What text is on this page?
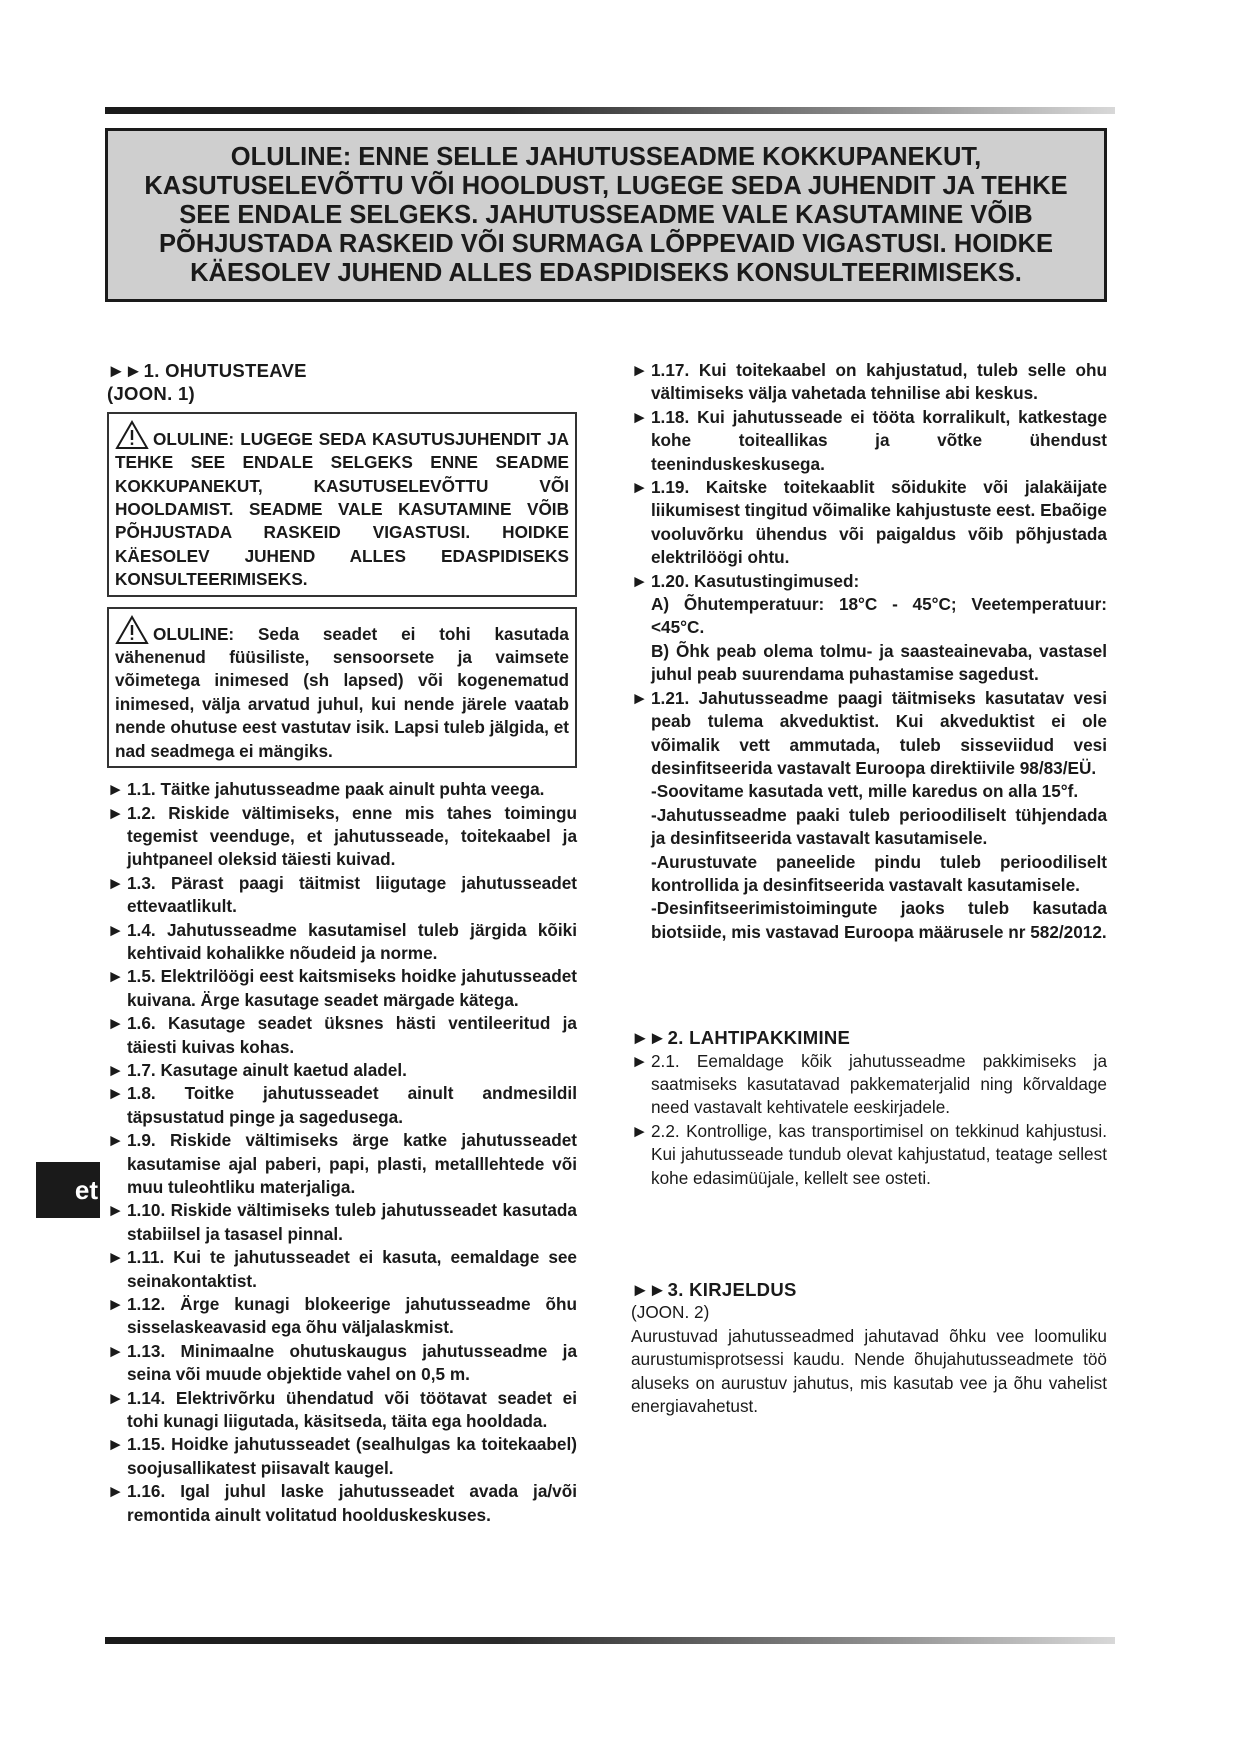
OLULINE: ENNE SELLE JAHUTUSSEADME KOKKUPANEKUT, KASUTUSELEVÕTTU VÕI HOOLDUST, LUGEGE SEDA JUHENDIT JA TEHKE SEE ENDALE SELGEKS. JAHUTUSSEADME VALE KASUTAMINE VÕIB PÕHJUSTADA RASKEID VÕI SURMAGA LÕPPEVAID VIGASTUSI. HOIDKE KÄESOLEV JUHEND ALLES EDASPIDISEKS KONSULTEERIMISEKS.
►► 1. OHUTUSTEAVE
(JOON. 1)
OLULINE: LUGEGE SEDA KASUTUSJUHENDIT JA TEHKE SEE ENDALE SELGEKS ENNE SEADME KOKKUPANEKUT, KASUTUSELEVÕTTU VÕI HOOLDAMIST. SEADME VALE KASUTAMINE VÕIB PÕHJUSTADA RASKEID VIGASTUSI. HOIDKE KÄESOLEV JUHEND ALLES EDASPIDISEKS KONSULTEERIMISEKS.
OLULINE: Seda seadet ei tohi kasutada vähenenud füüsiliste, sensoorsete ja vaimsete võimetega inimesed (sh lapsed) või kogenematud inimesed, välja arvatud juhul, kui nende järele vaatab nende ohutuse eest vastutav isik. Lapsi tuleb jälgida, et nad seadmega ei mängiks.

► 1.1. Täitke jahutusseadme paak ainult puhta veega.

► 1.2. Riskide vältimiseks, enne mis tahes toimingu tegemist veenduge, et jahutusseade, toitekaabel ja juhtpaneel oleksid täiesti kuivad.

► 1.3. Pärast paagi täitmist liigutage jahutusseadet ettevaatlikult.

► 1.4. Jahutusseadme kasutamisel tuleb järgida kõiki kehtivaid kohalikke nõudeid ja norme.

► 1.5. Elektrilöögi eest kaitsmiseks hoidke jahutusseadet kuivana. Ärge kasutage seadet märgade kätega.

► 1.6. Kasutage seadet üksnes hästi ventileeritud ja täiesti kuivas kohas.

► 1.7. Kasutage ainult kaetud aladel.

► 1.8. Toitke jahutusseadet ainult andmesildil täpsustatud pinge ja sagedusega.

► 1.9. Riskide vältimiseks ärge katke jahutusseadet kasutamise ajal paberi, papi, plasti, metalllehtede või muu tuleohtliku materjaliga.

► 1.10. Riskide vältimiseks tuleb jahutusseadet kasutada stabiilsel ja tasasel pinnal.

► 1.11. Kui te jahutusseadet ei kasuta, eemaldage see seinakontaktist.

► 1.12. Ärge kunagi blokeerige jahutusseadme õhu sisselaskeavasid ega õhu väljalaskmist.

► 1.13. Minimaalne ohutuskaugus jahutusseadme ja seina või muude objektide vahel on 0,5 m.

► 1.14. Elektrivõrku ühendatud või töötavat seadet ei tohi kunagi liigutada, käsitseda, täita ega hooldada.

► 1.15. Hoidke jahutusseadet (sealhulgas ka toitekaabel) soojusallikatest piisavalt kaugel.

► 1.16. Igal juhul laske jahutusseadet avada ja/või remontida ainult volitatud hoolduskeskuses.

► 1.17. Kui toitekaabel on kahjustatud, tuleb selle ohu vältimiseks välja vahetada tehnilise abi keskus.

► 1.18. Kui jahutusseade ei tööta korralikult, katkestage kohe toiteallikas ja võtke ühendust teeninduskeskusega.

► 1.19. Kaitske toitekaablit sõidukite või jalakäijate liikumisest tingitud võimalike kahjustuste eest. Ebaõige vooluvõrku ühendus või paigaldus võib põhjustada elektrilöögi ohtu.

► 1.20. Kasutustingimused:

A) Õhutemperatuur: 18°C - 45°C; Veetemperatuur: <45°C.
B) Õhk peab olema tolmu- ja saasteainevaba, vastasel juhul peab suurendama puhastamise sagedust.

► 1.21. Jahutusseadme paagi täitmiseks kasutatav vesi peab tulema akveduktist. Kui akveduktist ei ole võimalik vett ammutada, tuleb sisseviidud vesi desinfitseerida vastavalt Euroopa direktiivile 98/83/EÜ.

-Soovitame kasutada vett, mille karedus on alla 15°f.
-Jahutusseadme paaki tuleb perioodiliselt tühjendada ja desinfitseerida vastavalt kasutamisele.
-Aurustuvate paneelide pindu tuleb perioodiliselt kontrollida ja desinfitseerida vastavalt kasutamisele.
-Desinfitseerimistoimingute jaoks tuleb kasutada biotsiide, mis vastavad Euroopa määrusele nr 582/2012.
►► 2. LAHTIPAKKIMINE

► 2.1. Eemaldage kõik jahutusseadme pakkimiseks ja saatmiseks kasutatavad pakkematerjalid ning kõrvaldage need vastavalt kehtivatele eeskirjadele.

► 2.2. Kontrollige, kas transportimisel on tekkinud kahjustusi. Kui jahutusseade tundub olevat kahjustatud, teatage sellest kohe edasimüüjale, kellelt see osteti.

►► 3. KIRJELDUS
(JOON. 2)
Aurustuvad jahutusseadmed jahutavad õhku vee loomuliku aurustumisprotsessi kaudu. Nende õhujahutusseadmete töö aluseks on aurustuv jahutus, mis kasutab vee ja õhu vahelist energiavahetust.
et
